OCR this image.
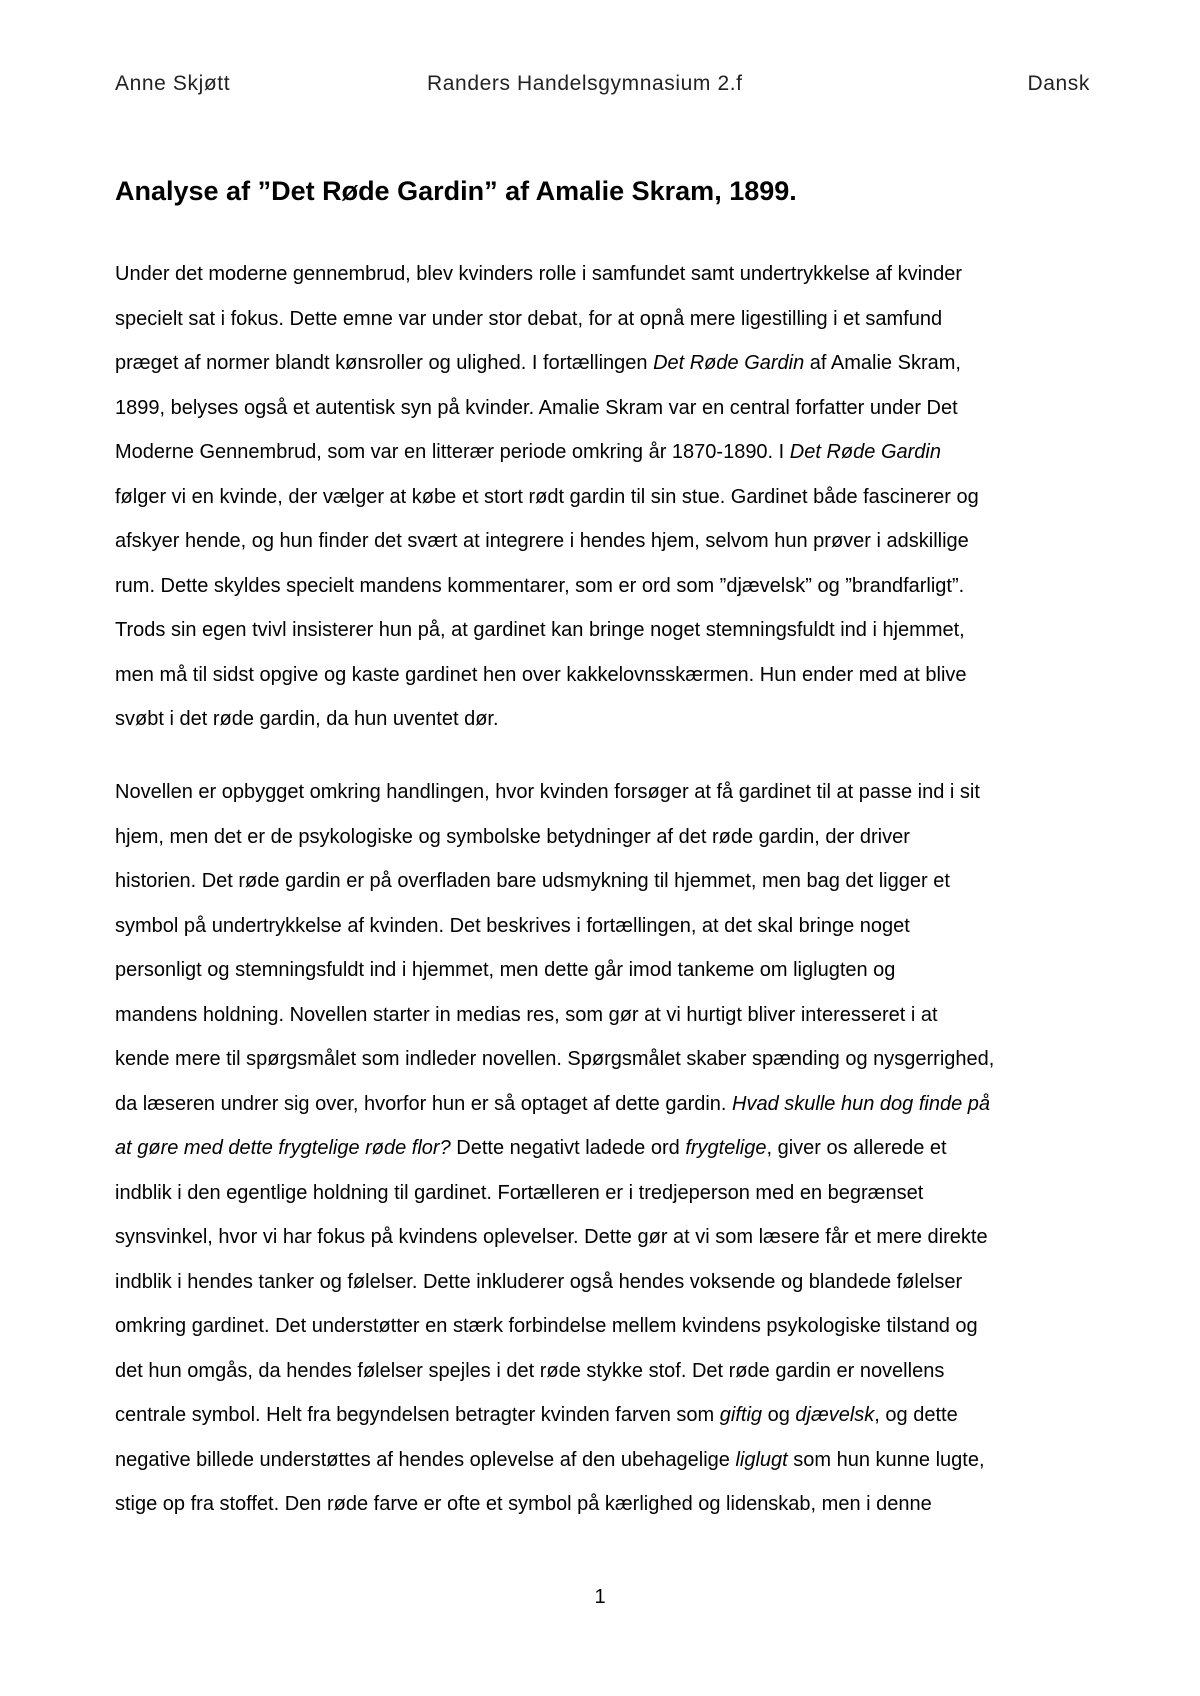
Anne Skjøtt	Randers Handelsgymnasium 2.f	Dansk
Analyse af ”Det Røde Gardin” af Amalie Skram, 1899.

Under det moderne gennembrud, blev kvinders rolle i samfundet samt undertrykkelse af kvinder
specielt sat i fokus. Dette emne var under stor debat, for at opnå mere ligestilling i et samfund
præget af normer blandt kønsroller og ulighed. I fortællingen Det Røde Gardin af Amalie Skram,
1899, belyses også et autentisk syn på kvinder. Amalie Skram var en central forfatter under Det
Moderne Gennembrud, som var en litterær periode omkring år 1870-1890. I Det Røde Gardin
følger vi en kvinde, der vælger at købe et stort rødt gardin til sin stue. Gardinet både fascinerer og
afskyer hende, og hun finder det svært at integrere i hendes hjem, selvom hun prøver i adskillige
rum. Dette skyldes specielt mandens kommentarer, som er ord som ”djævelsk” og ”brandfarligt”.
Trods sin egen tvivl insisterer hun på, at gardinet kan bringe noget stemningsfuldt ind i hjemmet,
men må til sidst opgive og kaste gardinet hen over kakkelovnsskærmen. Hun ender med at blive
svøbt i det røde gardin, da hun uventet dør.

Novellen er opbygget omkring handlingen, hvor kvinden forsøger at få gardinet til at passe ind i sit
hjem, men det er de psykologiske og symbolske betydninger af det røde gardin, der driver
historien. Det røde gardin er på overfladen bare udsmykning til hjemmet, men bag det ligger et
symbol på undertrykkelse af kvinden. Det beskrives i fortællingen, at det skal bringe noget
personligt og stemningsfuldt ind i hjemmet, men dette går imod tankeme om liglugten og
mandens holdning. Novellen starter in medias res, som gør at vi hurtigt bliver interesseret i at
kende mere til spørgsmålet som indleder novellen. Spørgsmålet skaber spænding og nysgerrighed,
da læseren undrer sig over, hvorfor hun er så optaget af dette gardin. Hvad skulle hun dog finde på
at gøre med dette frygtelige røde flor? Dette negativt ladede ord frygtelige, giver os allerede et
indblik i den egentlige holdning til gardinet. Fortælleren er i tredjeperson med en begrænset
synsvinkel, hvor vi har fokus på kvindens oplevelser. Dette gør at vi som læsere får et mere direkte
indblik i hendes tanker og følelser. Dette inkluderer også hendes voksende og blandede følelser
omkring gardinet. Det understøtter en stærk forbindelse mellem kvindens psykologiske tilstand og
det hun omgås, da hendes følelser spejles i det røde stykke stof. Det røde gardin er novellens
centrale symbol. Helt fra begyndelsen betragter kvinden farven som giftig og djævelsk, og dette
negative billede understøttes af hendes oplevelse af den ubehagelige liglugt som hun kunne lugte,
stige op fra stoffet. Den røde farve er ofte et symbol på kærlighed og lidenskab, men i denne

1
